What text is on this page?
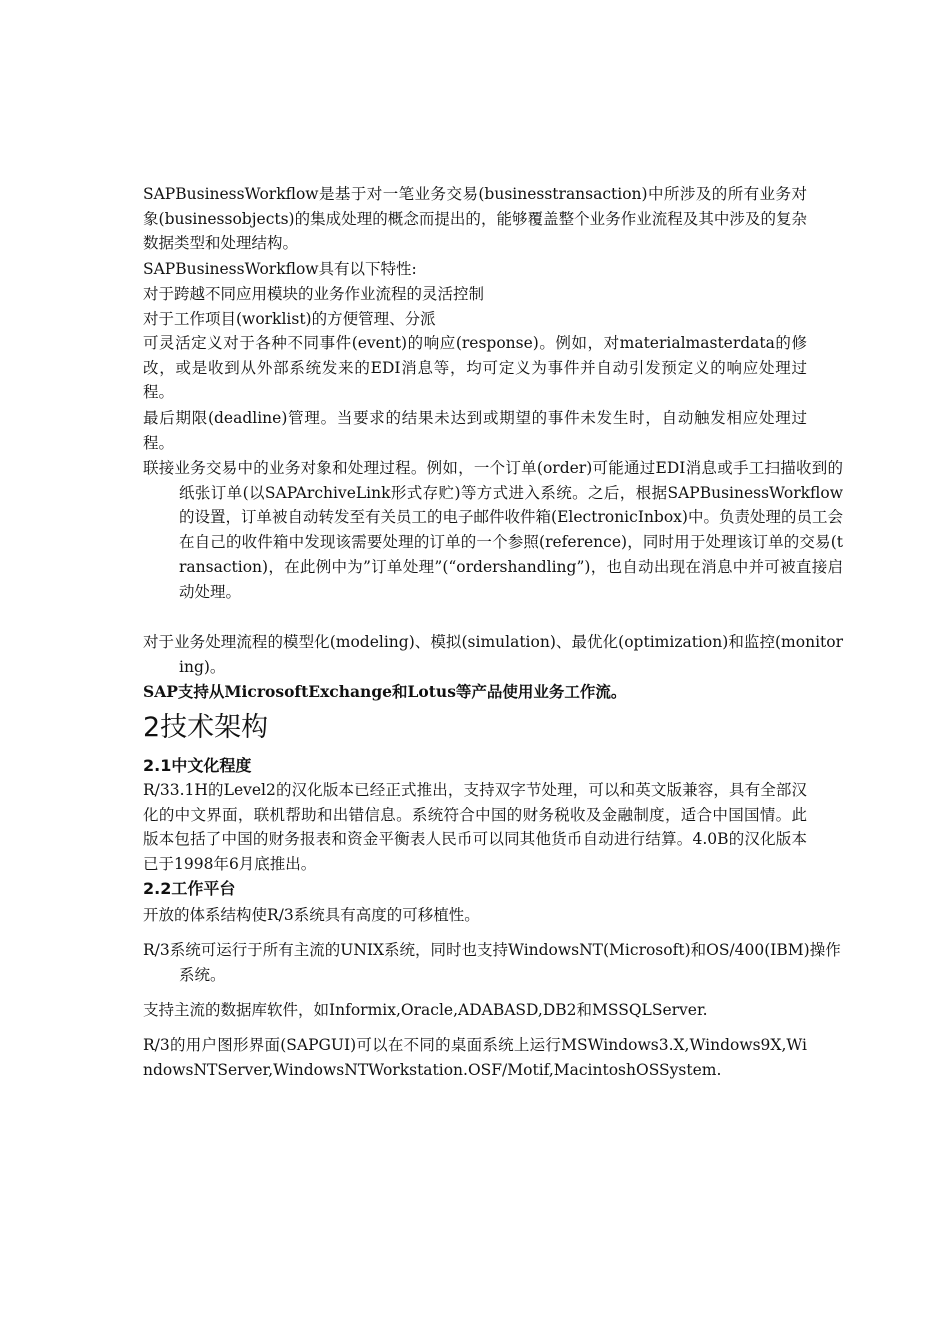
SAPBusinessWorkflow是基于对一笔业务交易(businesstransaction)中所涉及的所有业务对象(businessobjects)的集成处理的概念而提出的，能够覆盖整个业务作业流程及其中涉及的复杂数据类型和处理结构。

SAPBusinessWorkflow具有以下特性:

对于跨越不同应用模块的业务作业流程的灵活控制

对于工作项目(worklist)的方便管理、分派

可灵活定义对于各种不同事件(event)的响应(response)。例如，对materialmasterdata的修改，或是收到从外部系统发来的EDI消息等，均可定义为事件并自动引发预定义的响应处理过程。

最后期限(deadline)管理。当要求的结果未达到或期望的事件未发生时，自动触发相应处理过程。

联接业务交易中的业务对象和处理过程。例如，一个订单(order)可能通过EDI消息或手工扫描收到的纸张订单(以SAPArchiveLink形式存贮)等方式进入系统。之后，根据SAPBusinessWorkflow的设置，订单被自动转发至有关员工的电子邮件收件箱(ElectronicInbox)中。负责处理的员工会在自己的收件箱中发现该需要处理的订单的一个参照(reference)，同时用于处理该订单的交易(transaction)，在此例中为”订单处理”(“ordershandling”)，也自动出现在消息中并可被直接启动处理。

对于业务处理流程的模型化(modeling)、模拟(simulation)、最优化(optimization)和监控(monitoring)。

SAP支持从MicrosoftExchange和Lotus等产品使用业务工作流。

2技术架构
2.1中文化程度

R/33.1H的Level2的汉化版本已经正式推出，支持双字节处理，可以和英文版兼容，具有全部汉化的中文界面，联机帮助和出错信息。系统符合中国的财务税收及金融制度，适合中国国情。此版本包括了中国的财务报表和资金平衡表人民币可以同其他货币自动进行结算。4.0B的汉化版本已于1998年6月底推出。

2.2工作平台

开放的体系结构使R/3系统具有高度的可移植性。

R/3系统可运行于所有主流的UNIX系统，同时也支持WindowsNT(Microsoft)和OS/400(IBM)操作系统。

支持主流的数据库软件，如Informix,Oracle,ADABASD,DB2和MSSQLServer.

R/3的用户图形界面(SAPGUI)可以在不同的桌面系统上运行MSWindows3.X,Windows9X,WindowsNTServer,WindowsNTWorkstation.OSF/Motif,MacintoshOSSystem.
